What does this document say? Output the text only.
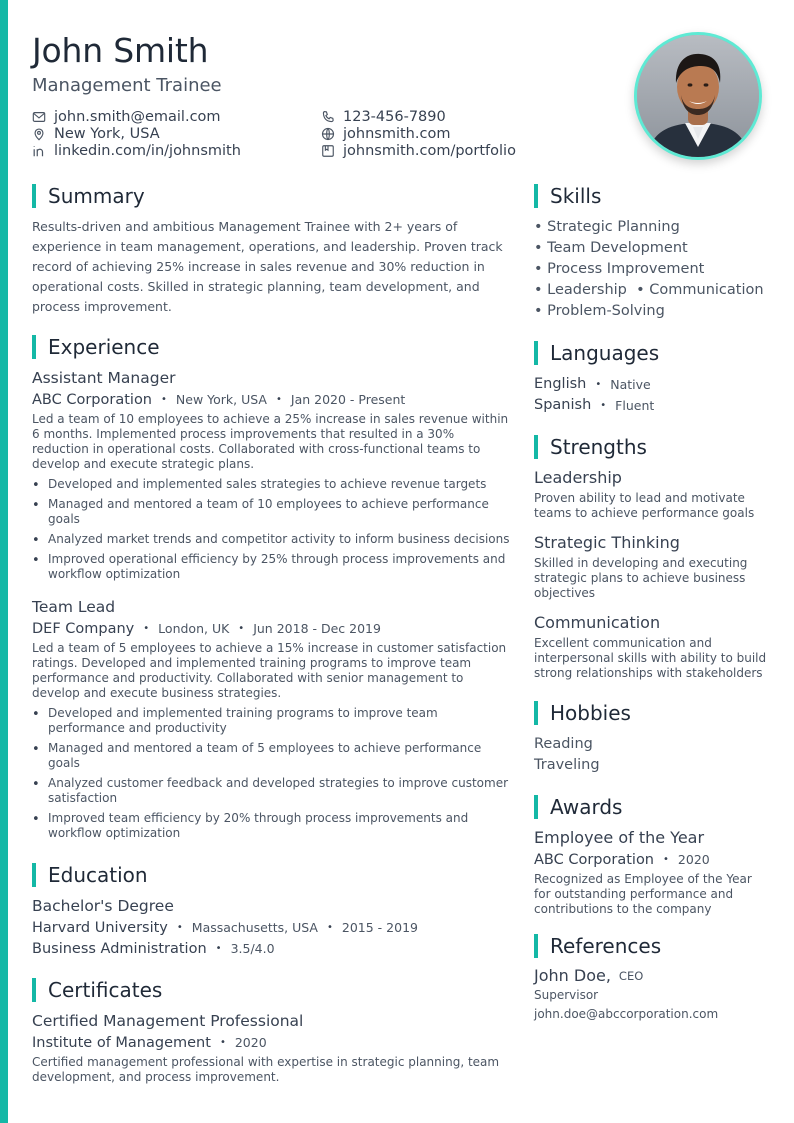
John Smith
Management Trainee
john.smith@email.com	123-456-7890
New York, USA	johnsmith.com
linkedin.com/in/johnsmith	johnsmith.com/portfolio
Summary
Results-driven and ambitious Management Trainee with 2+ years of experience in team management, operations, and leadership. Proven track record of achieving 25% increase in sales revenue and 30% reduction in operational costs. Skilled in strategic planning, team development, and process improvement.
Experience
Assistant Manager
ABC Corporation • New York, USA • Jan 2020 - Present
Led a team of 10 employees to achieve a 25% increase in sales revenue within 6 months. Implemented process improvements that resulted in a 30% reduction in operational costs. Collaborated with cross-functional teams to develop and execute strategic plans.
• Developed and implemented sales strategies to achieve revenue targets
• Managed and mentored a team of 10 employees to achieve performance goals
• Analyzed market trends and competitor activity to inform business decisions
• Improved operational efficiency by 25% through process improvements and workflow optimization
Team Lead
DEF Company • London, UK • Jun 2018 - Dec 2019
Led a team of 5 employees to achieve a 15% increase in customer satisfaction ratings. Developed and implemented training programs to improve team performance and productivity. Collaborated with senior management to develop and execute business strategies.
• Developed and implemented training programs to improve team performance and productivity
• Managed and mentored a team of 5 employees to achieve performance goals
• Analyzed customer feedback and developed strategies to improve customer satisfaction
• Improved team efficiency by 20% through process improvements and workflow optimization
Education
Bachelor's Degree
Harvard University • Massachusetts, USA • 2015 - 2019
Business Administration • 3.5/4.0
Certificates
Certified Management Professional
Institute of Management • 2020
Certified management professional with expertise in strategic planning, team development, and process improvement.
Skills
• Strategic Planning
• Team Development
• Process Improvement
• Leadership  • Communication
• Problem-Solving
Languages
English • Native
Spanish • Fluent
Strengths
Leadership
Proven ability to lead and motivate teams to achieve performance goals
Strategic Thinking
Skilled in developing and executing strategic plans to achieve business objectives
Communication
Excellent communication and interpersonal skills with ability to build strong relationships with stakeholders
Hobbies
Reading
Traveling
Awards
Employee of the Year
ABC Corporation • 2020
Recognized as Employee of the Year for outstanding performance and contributions to the company
References
John Doe, CEO
Supervisor
john.doe@abccorporation.com
